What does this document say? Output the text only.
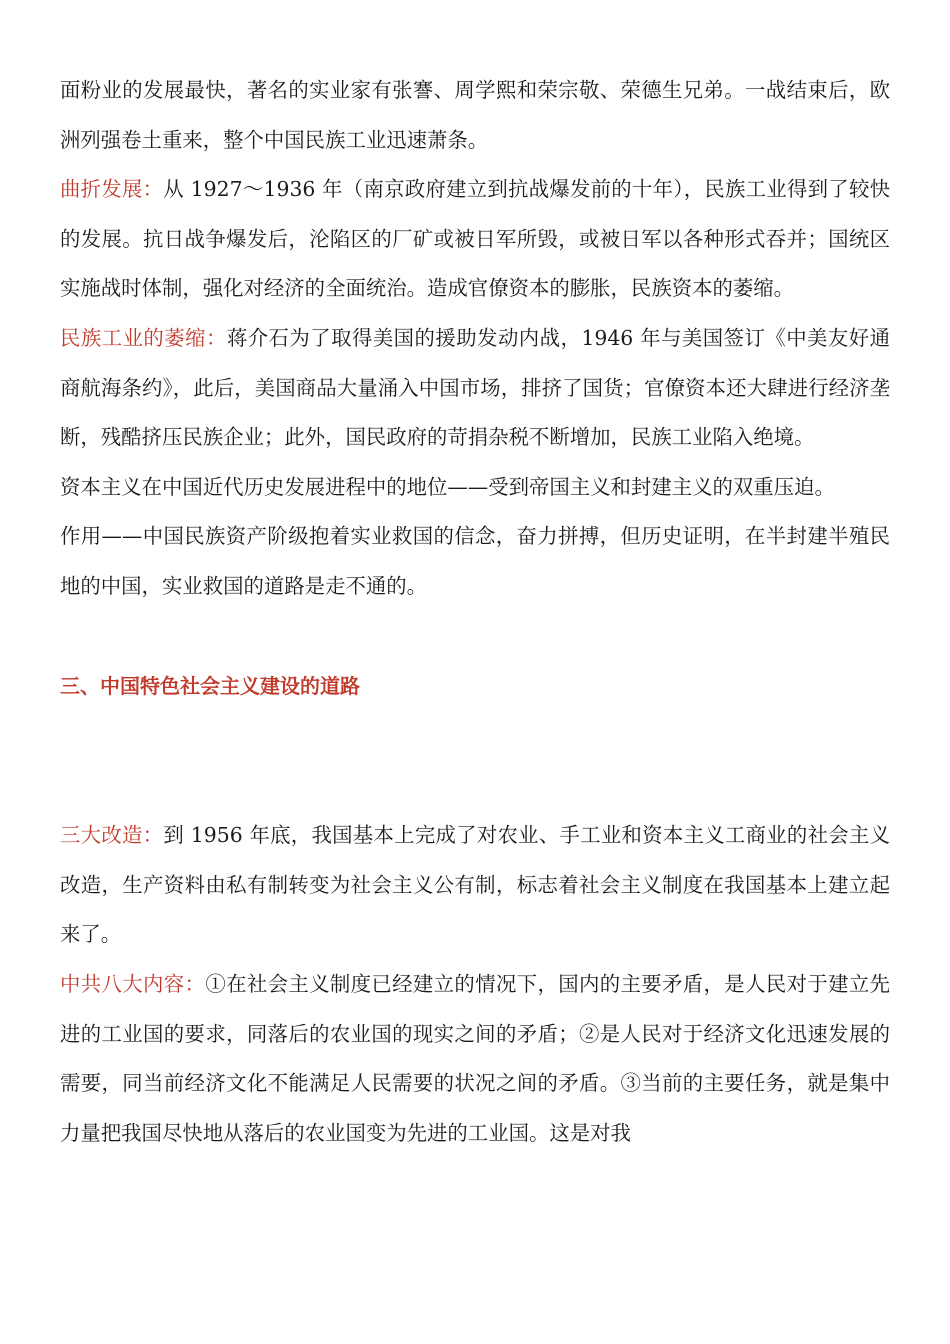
面粉业的发展最快，著名的实业家有张謇、周学熙和荣宗敬、荣德生兄弟。一战结束后，欧洲列强卷土重来，整个中国民族工业迅速萧条。

曲折发展：从 1927～1936 年（南京政府建立到抗战爆发前的十年），民族工业得到了较快的发展。抗日战争爆发后，沦陷区的厂矿或被日军所毁，或被日军以各种形式吞并；国统区实施战时体制，强化对经济的全面统治。造成官僚资本的膨胀，民族资本的萎缩。

民族工业的萎缩：蒋介石为了取得美国的援助发动内战，1946 年与美国签订《中美友好通商航海条约》，此后，美国商品大量涌入中国市场，排挤了国货；官僚资本还大肆进行经济垄断，残酷挤压民族企业；此外，国民政府的苛捐杂税不断增加，民族工业陷入绝境。

资本主义在中国近代历史发展进程中的地位——受到帝国主义和封建主义的双重压迫。

作用——中国民族资产阶级抱着实业救国的信念，奋力拼搏，但历史证明，在半封建半殖民地的中国，实业救国的道路是走不通的。

三、中国特色社会主义建设的道路

三大改造：到 1956 年底，我国基本上完成了对农业、手工业和资本主义工商业的社会主义改造，生产资料由私有制转变为社会主义公有制，标志着社会主义制度在我国基本上建立起来了。

中共八大内容：①在社会主义制度已经建立的情况下，国内的主要矛盾，是人民对于建立先进的工业国的要求，同落后的农业国的现实之间的矛盾；②是人民对于经济文化迅速发展的需要，同当前经济文化不能满足人民需要的状况之间的矛盾。③当前的主要任务，就是集中力量把我国尽快地从落后的农业国变为先进的工业国。这是对我
